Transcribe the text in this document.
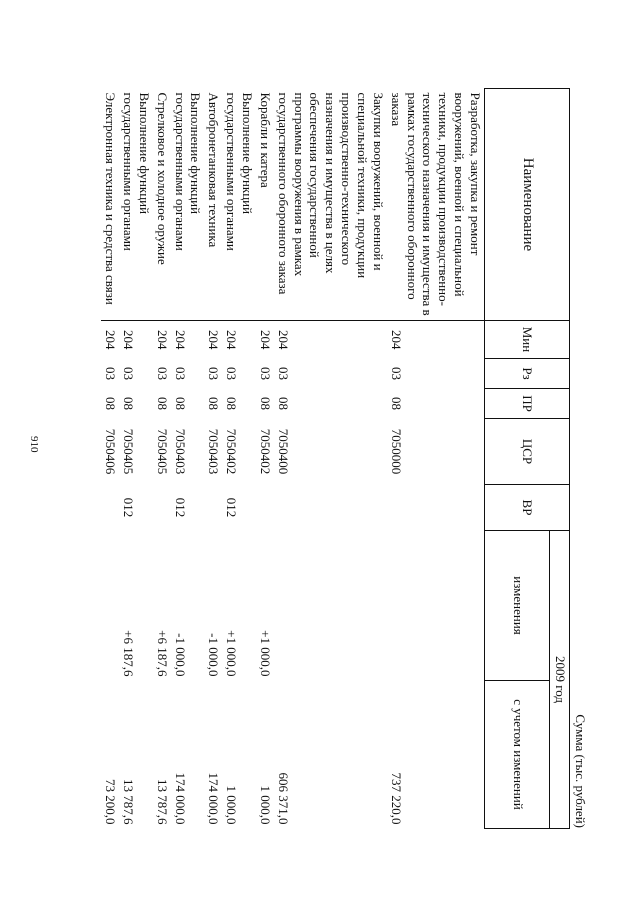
910
Сумма (тыс. рублей)
Наименование	Мин	Рз	ПР	ЦСР	ВР	2009 год	
						изменения	с учетом изменений
Разработка, закупка и ремонт вооружений, военной и специальной техники, продукции производственно-технического назначения и имущества в рамках государственного оборонного заказа	204	03	08	7050000			737 220,0
Закупки вооружений, военной и специальной техники, продукции производственно-технического назначения и имущества в целях обеспечения государственной программы вооружения в рамках государственного оборонного заказа	204	03	08	7050400			606 371,0
Корабли и катера	204	03	08	7050402		+1 000,0	1 000,0
Выполнение функций государственными органами	204	03	08	7050402	012	+1 000,0	1 000,0
Автобронетанковая техника	204	03	08	7050403		-1 000,0	174 000,0
Выполнение функций государственными органами	204	03	08	7050403	012	-1 000,0	174 000,0
Стрелковое и холодное оружие	204	03	08	7050405		+6 187,6	13 787,6
Выполнение функций государственными органами	204	03	08	7050405	012	+6 187,6	13 787,6
Электронная техника и средства связи	204	03	08	7050406			73 200,0
